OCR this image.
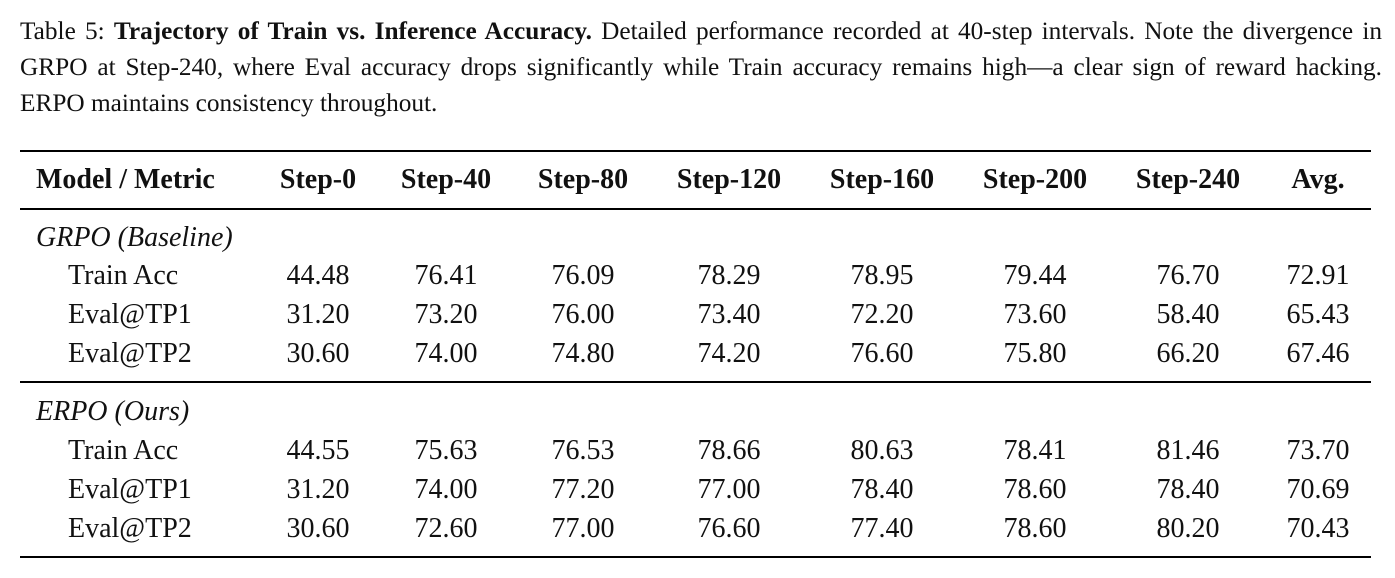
Table 5: Trajectory of Train vs. Inference Accuracy. Detailed performance recorded at 40-step intervals. Note the divergence in GRPO at Step-240, where Eval accuracy drops significantly while Train accuracy remains high—a clear sign of reward hacking. ERPO maintains consistency throughout.
Model / Metric	Step-0	Step-40	Step-80	Step-120	Step-160	Step-200	Step-240	Avg.
GRPO (Baseline)
Train Acc	44.48	76.41	76.09	78.29	78.95	79.44	76.70	72.91
Eval@TP1	31.20	73.20	76.00	73.40	72.20	73.60	58.40	65.43
Eval@TP2	30.60	74.00	74.80	74.20	76.60	75.80	66.20	67.46
ERPO (Ours)
Train Acc	44.55	75.63	76.53	78.66	80.63	78.41	81.46	73.70
Eval@TP1	31.20	74.00	77.20	77.00	78.40	78.60	78.40	70.69
Eval@TP2	30.60	72.60	77.00	76.60	77.40	78.60	80.20	70.43
